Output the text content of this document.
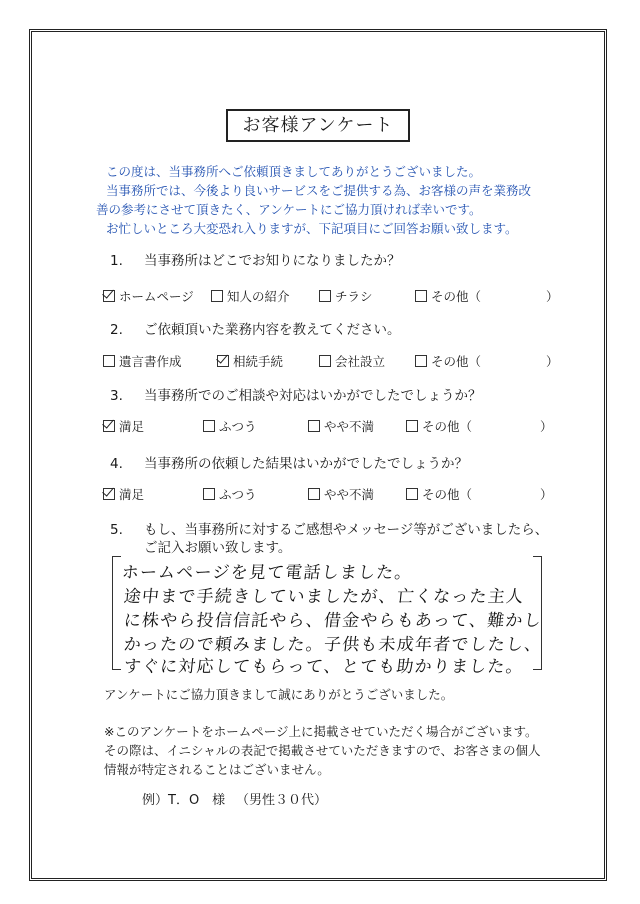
お客様アンケート
この度は、当事務所へご依頼頂きましてありがとうございました。
当事務所では、今後より良いサービスをご提供する為、お客様の声を業務改
善の参考にさせて頂きたく、アンケートにご協力頂ければ幸いです。
お忙しいところ大変恐れ入りますが、下記項目にご回答お願い致します。
1. 当事務所はどこでお知りになりましたか？
ホームページ	知人の紹介	チラシ	その他（	）
2. ご依頼頂いた業務内容を教えてください。
遺言書作成	相続手続	会社設立	その他（	）
3. 当事務所でのご相談や対応はいかがでしたでしょうか？
満足	ふつう	やや不満	その他（	）
4. 当事務所の依頼した結果はいかがでしたでしょうか？
満足	ふつう	やや不満	その他（	）
5. もし、当事務所に対するご感想やメッセージ等がございましたら、
ご記入お願い致します。
ホームページを見て電話しました。
途中まで手続きしていましたが、亡くなった主人
に株やら投信信託やら、借金やらもあって、難かし
かったので頼みました。子供も未成年者でしたし、
すぐに対応してもらって、とても助かりました。
アンケートにご協力頂きまして誠にありがとうございました。
※このアンケートをホームページ上に掲載させていただく場合がございます。
その際は、イニシャルの表記で掲載させていただきますので、お客さまの個人
情報が特定されることはございません。
例）T．O　様 （男性３０代）
